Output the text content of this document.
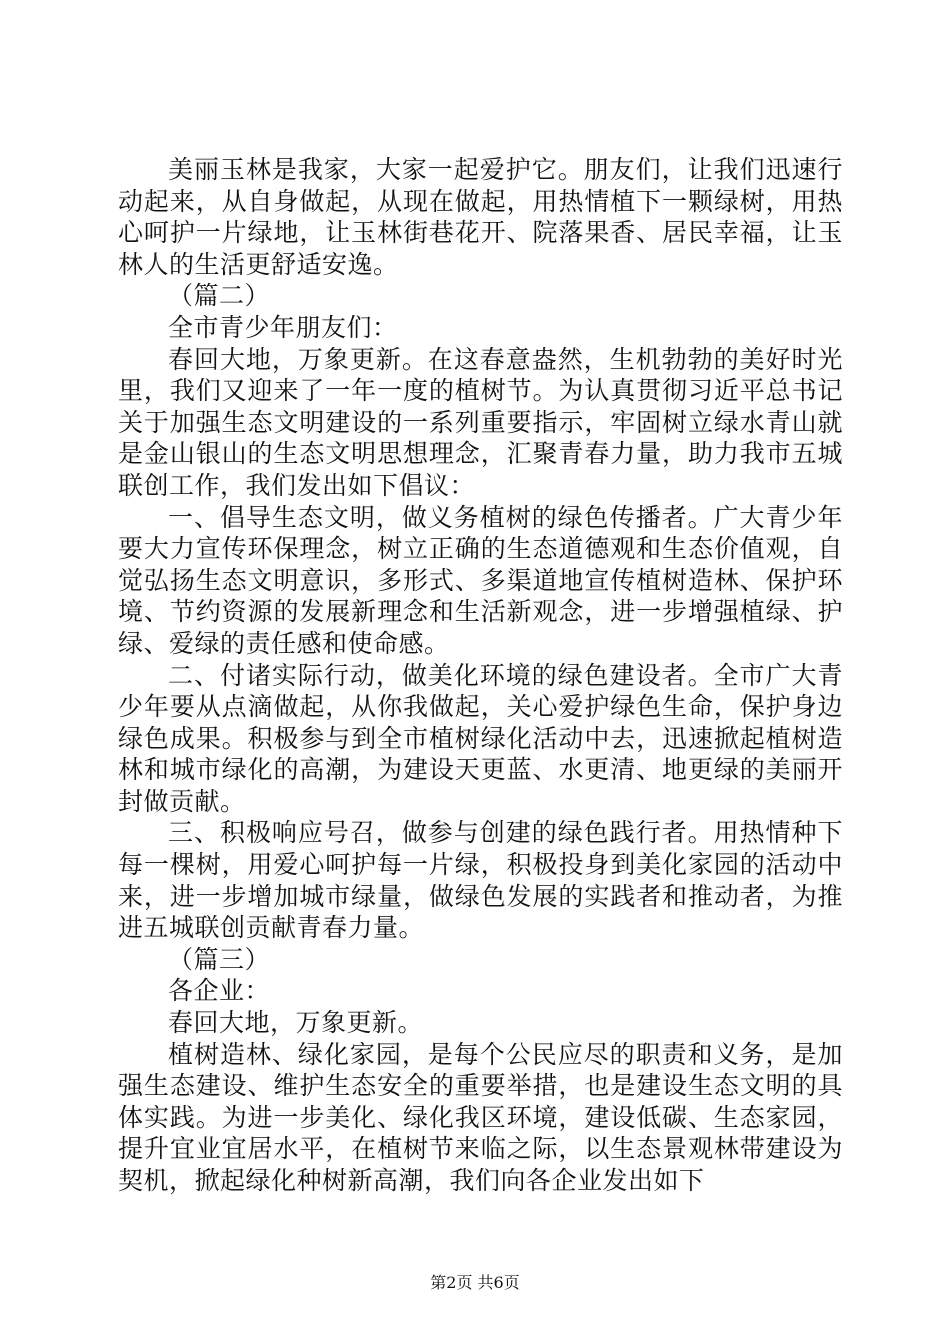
美丽玉林是我家，大家一起爱护它。朋友们，让我们迅速行动起来，从自身做起，从现在做起，用热情植下一颗绿树，用热心呵护一片绿地，让玉林街巷花开、院落果香、居民幸福，让玉林人的生活更舒适安逸。

（篇二）

全市青少年朋友们：

春回大地，万象更新。在这春意盎然，生机勃勃的美好时光里，我们又迎来了一年一度的植树节。为认真贯彻习近平总书记关于加强生态文明建设的一系列重要指示，牢固树立绿水青山就是金山银山的生态文明思想理念，汇聚青春力量，助力我市五城联创工作，我们发出如下倡议：

一、倡导生态文明，做义务植树的绿色传播者。广大青少年要大力宣传环保理念，树立正确的生态道德观和生态价值观，自觉弘扬生态文明意识，多形式、多渠道地宣传植树造林、保护环境、节约资源的发展新理念和生活新观念，进一步增强植绿、护绿、爱绿的责任感和使命感。

二、付诸实际行动，做美化环境的绿色建设者。全市广大青少年要从点滴做起，从你我做起，关心爱护绿色生命，保护身边绿色成果。积极参与到全市植树绿化活动中去，迅速掀起植树造林和城市绿化的高潮，为建设天更蓝、水更清、地更绿的美丽开封做贡献。

三、积极响应号召，做参与创建的绿色践行者。用热情种下每一棵树，用爱心呵护每一片绿，积极投身到美化家园的活动中来，进一步增加城市绿量，做绿色发展的实践者和推动者，为推进五城联创贡献青春力量。

（篇三）

各企业：

春回大地，万象更新。

植树造林、绿化家园，是每个公民应尽的职责和义务，是加强生态建设、维护生态安全的重要举措，也是建设生态文明的具体实践。为进一步美化、绿化我区环境，建设低碳、生态家园，提升宜业宜居水平，在植树节来临之际，以生态景观林带建设为契机，掀起绿化种树新高潮，我们向各企业发出如下

第2页 共6页
